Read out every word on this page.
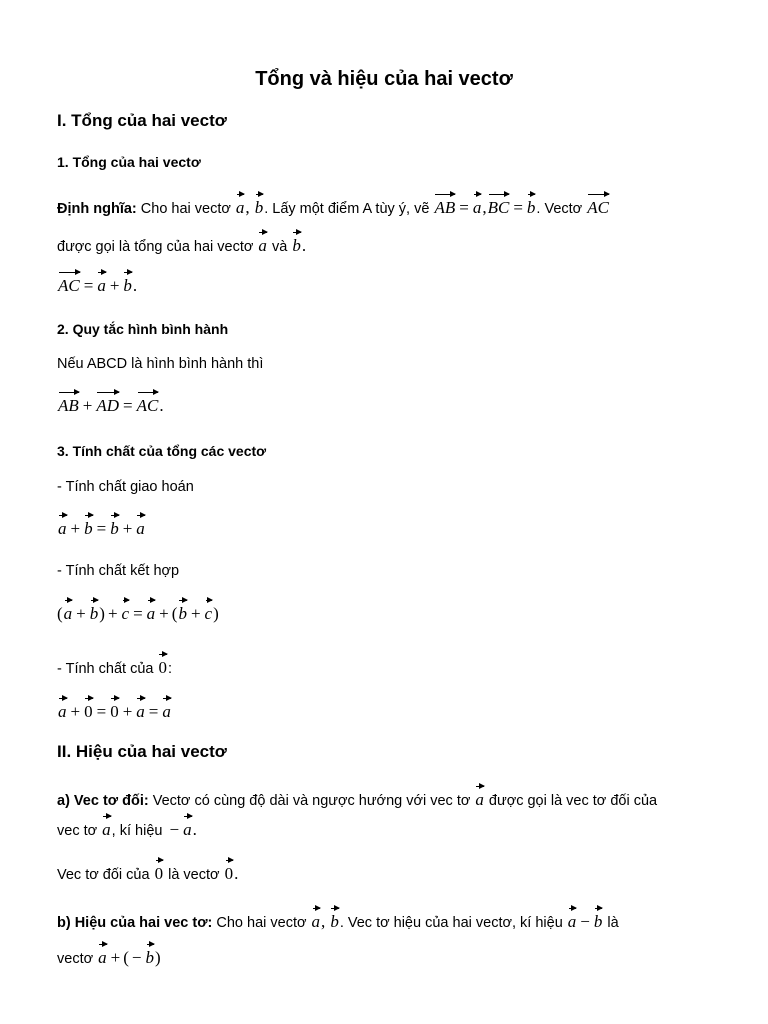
Tổng và hiệu của hai vectơ
I. Tổng của hai vectơ
1. Tổng của hai vectơ
Định nghĩa: Cho hai vectơ a, b. Lấy một điểm A tùy ý, vẽ AB = a,BC = b. Vectơ AC
được gọi là tổng của hai vectơ a và b.
AC = a + b.
2. Quy tắc hình bình hành
Nếu ABCD là hình bình hành thì
AB + AD = AC.
3. Tính chất của tổng các vectơ
- Tính chất giao hoán
a + b = b + a
- Tính chất kết hợp
(a + b) + c = a + (b + c)
- Tính chất của 0:
a + 0 = 0 + a = a
II. Hiệu của hai vectơ
a) Vec tơ đối: Vectơ có cùng độ dài và ngược hướng với vec tơ a được gọi là vec tơ đối của
vec tơ a, kí hiệu − a.
Vec tơ đối của 0 là vectơ 0.
b) Hiệu của hai vec tơ: Cho hai vectơ a, b. Vec tơ hiệu của hai vectơ, kí hiệu a − b là
vectơ a + ( − b)
